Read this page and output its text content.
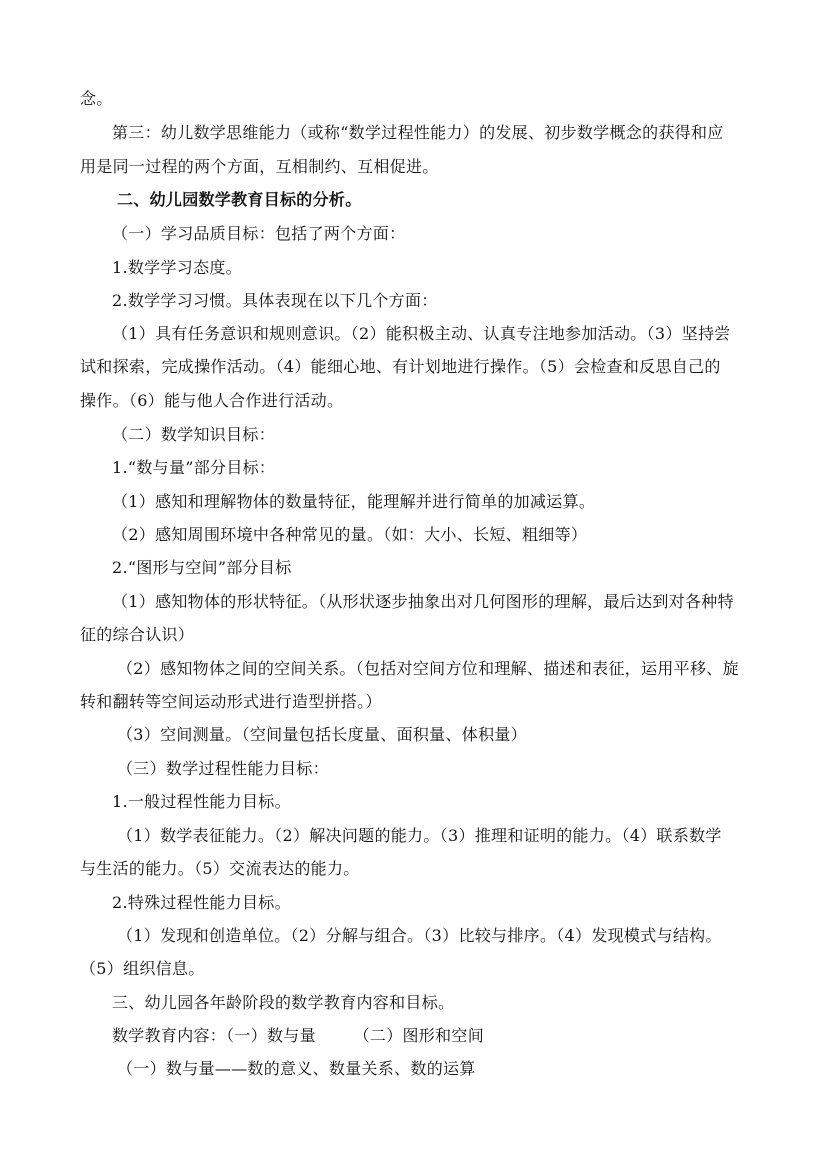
念。
第三：幼儿数学思维能力（或称“数学过程性能力）的发展、初步数学概念的获得和应
用是同一过程的两个方面，互相制约、互相促进。
二、幼儿园数学教育目标的分析。
（一）学习品质目标：包括了两个方面：
1.数学学习态度。
2.数学学习习惯。具体表现在以下几个方面：
（1）具有任务意识和规则意识。（2）能积极主动、认真专注地参加活动。（3）坚持尝
试和探索，完成操作活动。（4）能细心地、有计划地进行操作。（5）会检查和反思自己的
操作。（6）能与他人合作进行活动。
（二）数学知识目标：
1.“数与量”部分目标：
（1）感知和理解物体的数量特征，能理解并进行简单的加减运算。
（2）感知周围环境中各种常见的量。（如：大小、长短、粗细等）
2.“图形与空间”部分目标
（1）感知物体的形状特征。（从形状逐步抽象出对几何图形的理解，最后达到对各种特
征的综合认识）
（2）感知物体之间的空间关系。（包括对空间方位和理解、描述和表征，运用平移、旋
转和翻转等空间运动形式进行造型拼搭。）
（3）空间测量。（空间量包括长度量、面积量、体积量）
（三）数学过程性能力目标：
1.一般过程性能力目标。
（1）数学表征能力。（2）解决问题的能力。（3）推理和证明的能力。（4）联系数学
与生活的能力。（5）交流表达的能力。
2.特殊过程性能力目标。
（1）发现和创造单位。（2）分解与组合。（3）比较与排序。（4）发现模式与结构。
（5）组织信息。
三、幼儿园各年龄阶段的数学教育内容和目标。
数学教育内容：（一）数与量       （二）图形和空间
（一）数与量——数的意义、数量关系、数的运算
